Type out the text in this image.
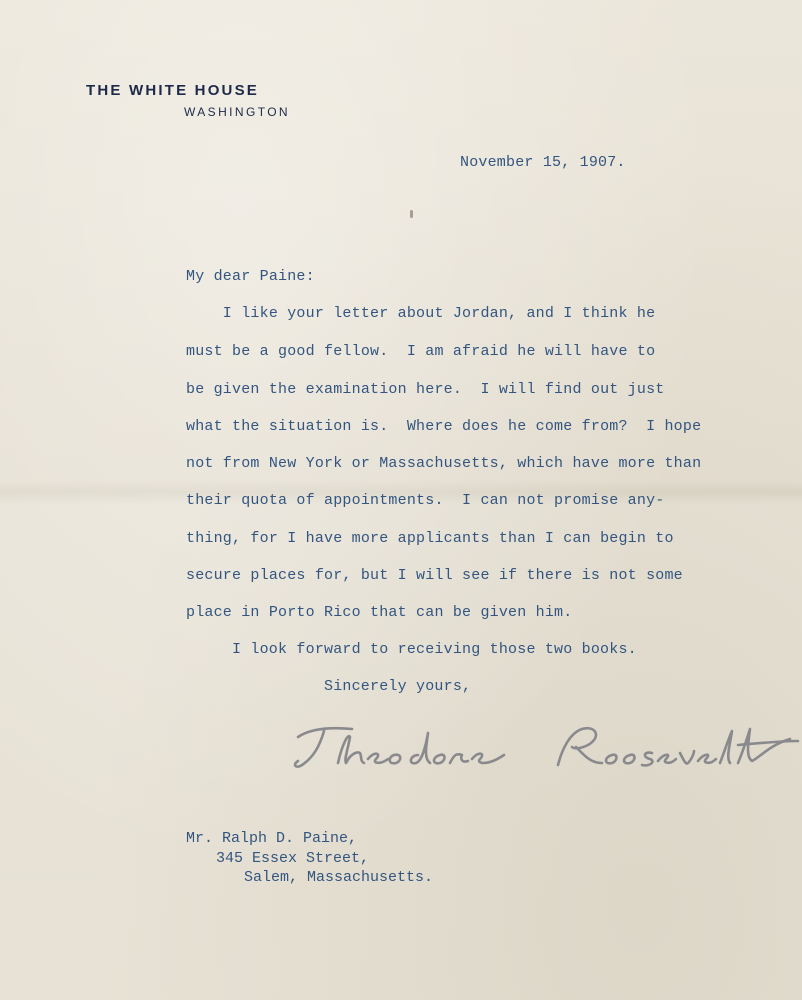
THE WHITE HOUSE
WASHINGTON
November 15, 1907.
My dear Paine:
I like your letter about Jordan, and I think he
must be a good fellow.  I am afraid he will have to
be given the examination here.  I will find out just
what the situation is.  Where does he come from?  I hope
not from New York or Massachusetts, which have more than
their quota of appointments.  I can not promise any-
thing, for I have more applicants than I can begin to
secure places for, but I will see if there is not some
place in Porto Rico that can be given him.
I look forward to receiving those two books.
Sincerely yours,
Mr. Ralph D. Paine,
345 Essex Street,
Salem, Massachusetts.
